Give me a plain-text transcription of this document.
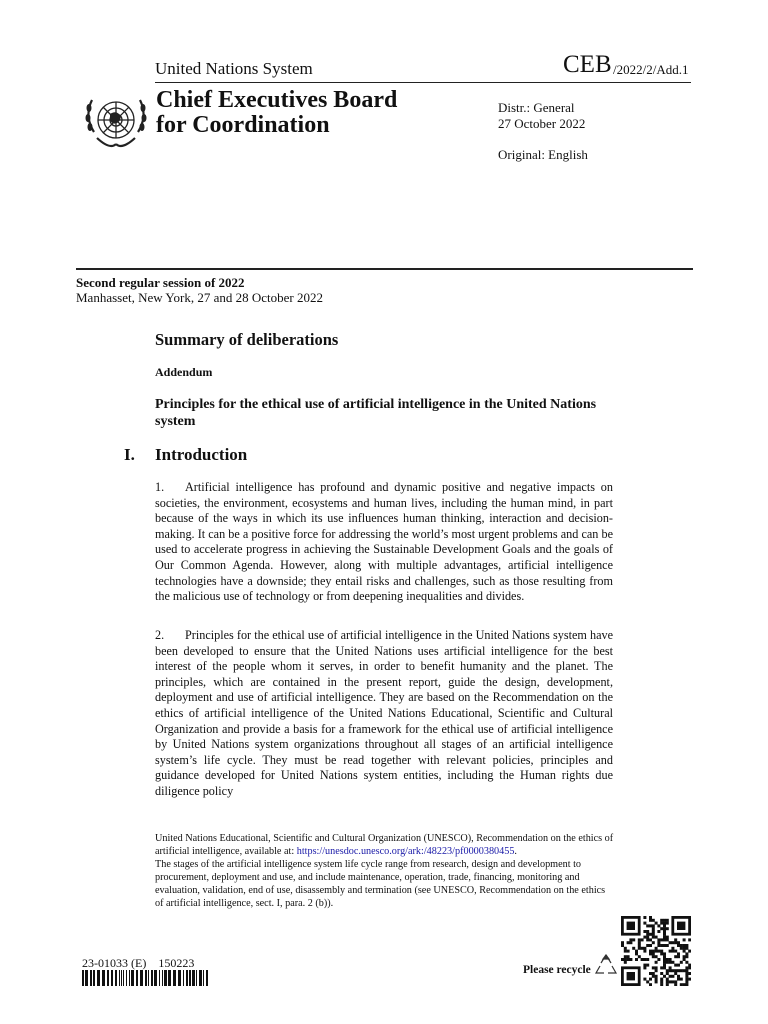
United Nations System	CEB /2022/2/Add.1
Chief Executives Board
for Coordination
Distr.: General
27 October 2022
Original: English
Second regular session of 2022
Manhasset, New York, 27 and 28 October 2022
Summary of deliberations
Addendum
Principles for the ethical use of artificial intelligence in the United Nations system
I. Introduction

1. Artificial intelligence has profound and dynamic positive and negative impacts on societies, the environment, ecosystems and human lives, including the human mind, in part because of the ways in which its use influences human thinking, interaction and decision-making. It can be a positive force for addressing the world’s most urgent problems and can be used to accelerate progress in achieving the Sustainable Development Goals and the goals of Our Common Agenda. However, along with multiple advantages, artificial intelligence technologies have a downside; they entail risks and challenges, such as those resulting from the malicious use of technology or from deepening inequalities and divides.

2. Principles for the ethical use of artificial intelligence in the United Nations system have been developed to ensure that the United Nations uses artificial intelligence for the best interest of the people whom it serves, in order to benefit humanity and the planet. The principles, which are contained in the present report, guide the design, development, deployment and use of artificial intelligence. They are based on the Recommendation on the ethics of artificial intelligence of the United Nations Educational, Scientific and Cultural Organization and provide a basis for a framework for the ethical use of artificial intelligence by United Nations system organizations throughout all stages of an artificial intelligence system’s life cycle. They must be read together with relevant policies, principles and guidance developed for United Nations system entities, including the Human rights due diligence policy

United Nations Educational, Scientific and Cultural Organization (UNESCO), Recommendation on the ethics of artificial intelligence, available at: https://unesdoc.unesco.org/ark:/48223/pf0000380455.

The stages of the artificial intelligence system life cycle range from research, design and development to procurement, deployment and use, and include maintenance, operation, trade, financing, monitoring and evaluation, validation, end of use, disassembly and termination (see UNESCO, Recommendation on the ethics of artificial intelligence, sect. I, para. 2 (b)).

23-01033 (E)    150223	Please recycle
